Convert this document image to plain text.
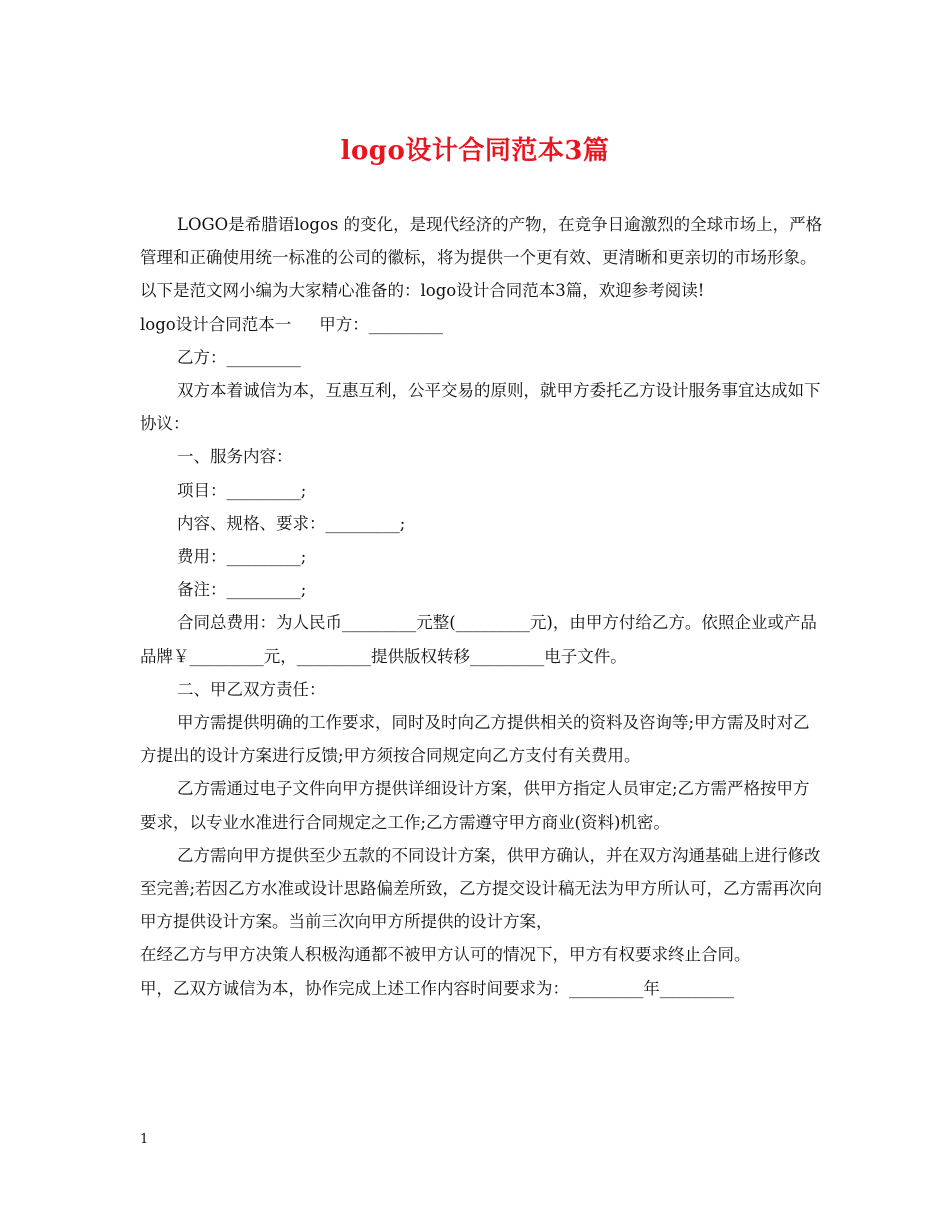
logo设计合同范本3篇

LOGO是希腊语logos 的变化，是现代经济的产物，在竞争日逾激烈的全球市场上，严格管理和正确使用统一标准的公司的徽标，将为提供一个更有效、更清晰和更亲切的市场形象。以下是范文网小编为大家精心准备的：logo设计合同范本3篇，欢迎参考阅读!

logo设计合同范本一 甲方：_________

乙方：_________

双方本着诚信为本，互惠互利，公平交易的原则，就甲方委托乙方设计服务事宜达成如下协议：

一、服务内容：

项目：_________;

内容、规格、要求：_________;

费用：_________;

备注：_________;

合同总费用：为人民币_________元整(_________元)，由甲方付给乙方。依照企业或产品品牌￥_________元，_________提供版权转移_________电子文件。

二、甲乙双方责任：

甲方需提供明确的工作要求，同时及时向乙方提供相关的资料及咨询等;甲方需及时对乙方提出的设计方案进行反馈;甲方须按合同规定向乙方支付有关费用。

乙方需通过电子文件向甲方提供详细设计方案，供甲方指定人员审定;乙方需严格按甲方要求，以专业水准进行合同规定之工作;乙方需遵守甲方商业(资料)机密。

乙方需向甲方提供至少五款的不同设计方案，供甲方确认，并在双方沟通基础上进行修改至完善;若因乙方水准或设计思路偏差所致，乙方提交设计稿无法为甲方所认可，乙方需再次向甲方提供设计方案。当前三次向甲方所提供的设计方案，

在经乙方与甲方决策人积极沟通都不被甲方认可的情况下，甲方有权要求终止合同。

甲，乙双方诚信为本，协作完成上述工作内容时间要求为：_________年_________

1
